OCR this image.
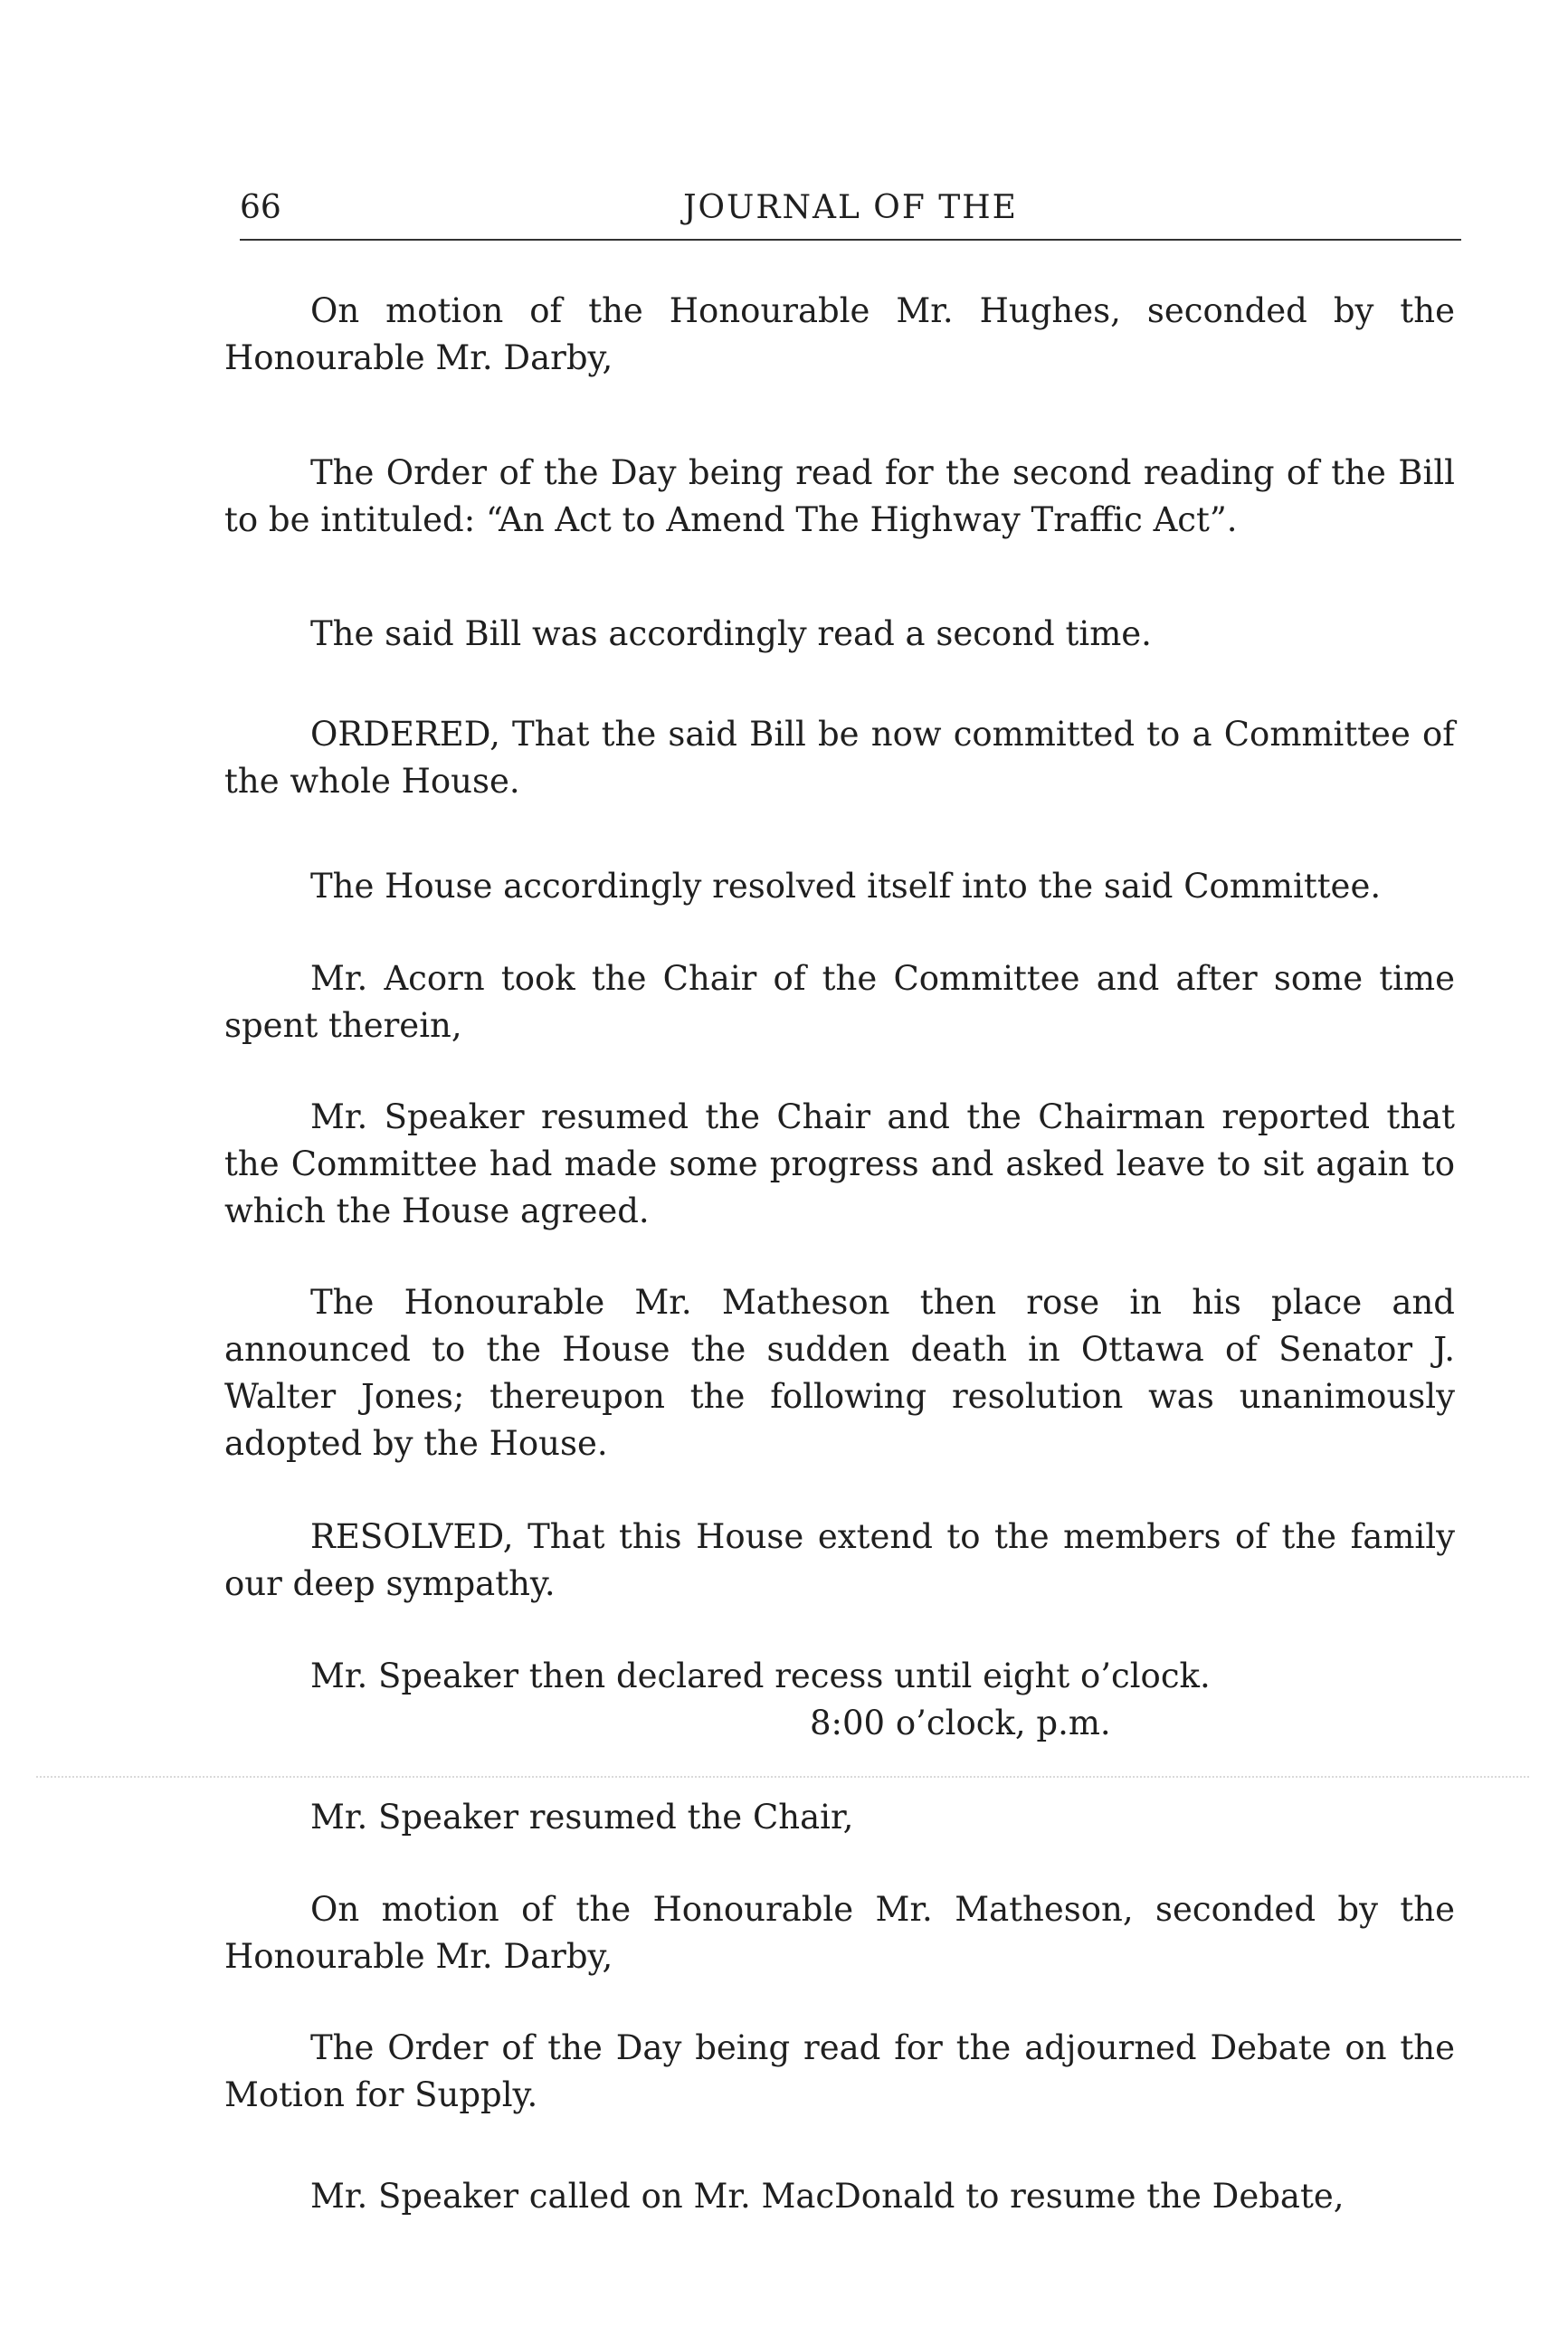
66	JOURNAL OF THE

On motion of the Honourable Mr. Hughes, seconded by the Honourable Mr. Darby,

The Order of the Day being read for the second reading of the Bill to be intituled: “An Act to Amend The Highway Traffic Act”.

The said Bill was accordingly read a second time.

ORDERED, That the said Bill be now committed to a Committee of the whole House.

The House accordingly resolved itself into the said Committee.

Mr. Acorn took the Chair of the Committee and after some time spent therein,

Mr. Speaker resumed the Chair and the Chairman reported that the Committee had made some progress and asked leave to sit again to which the House agreed.

The Honourable Mr. Matheson then rose in his place and announced to the House the sudden death in Ottawa of Senator J. Walter Jones; thereupon the following resolution was unanimously adopted by the House.

RESOLVED, That this House extend to the members of the family our deep sympathy.

Mr. Speaker then declared recess until eight o’clock.

8:00 o’clock, p.m.

Mr. Speaker resumed the Chair,

On motion of the Honourable Mr. Matheson, seconded by the Honourable Mr. Darby,

The Order of the Day being read for the adjourned Debate on the Motion for Supply.

Mr. Speaker called on Mr. MacDonald to resume the Debate,
